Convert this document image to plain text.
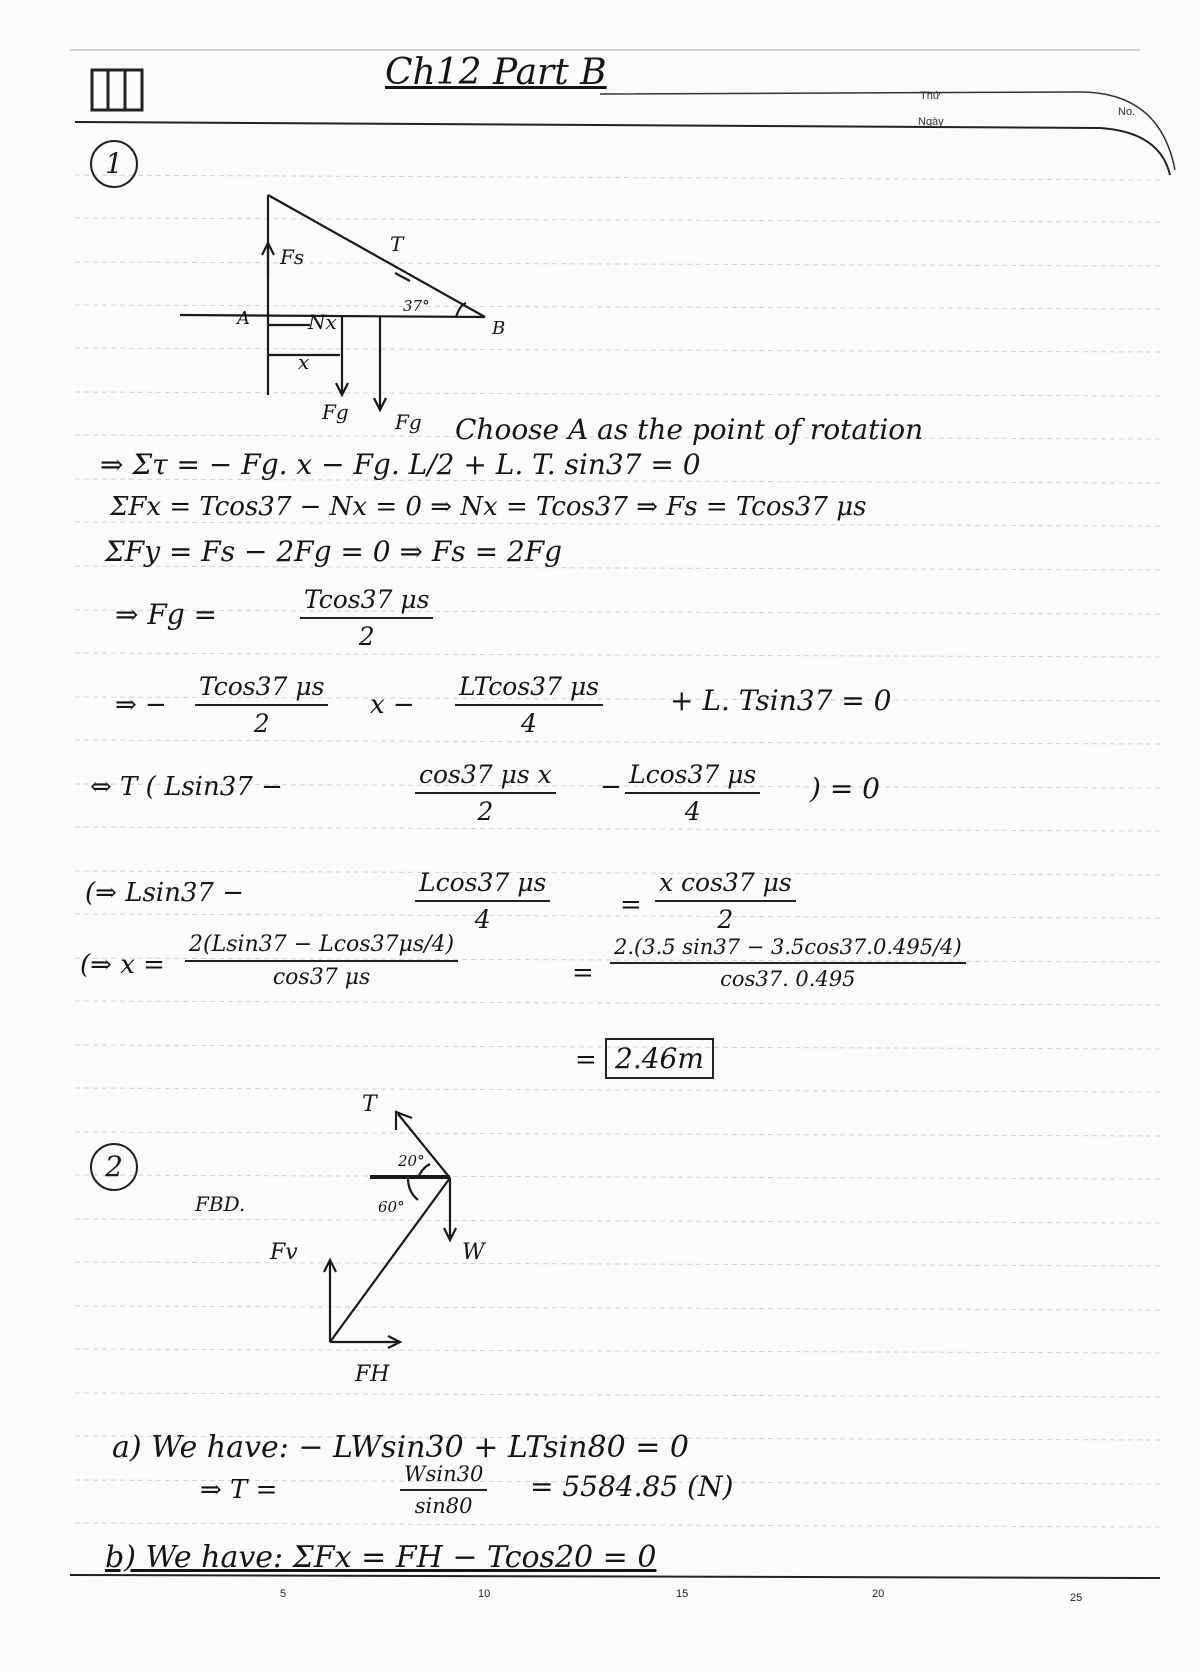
Ch12 Part B
Thứ
Ngày
No.
1
Fs
T
37°
A	B
Nx
x
Fg Fg Choose A as the point of rotation
⇒ Στ = − Fg. x − Fg. L/2 + L. T. sin37 = 0
ΣFx = Tcos37 − Nx = 0 ⇒ Nx = Tcos37 ⇒ Fs = Tcos37 μs
ΣFy = Fs − 2Fg = 0 ⇒ Fs = 2Fg
⇒ Fg =	$\frac{Tcos37 \mu s}{2}$
⇒ − $\frac{Tcos37 \mu s}{2}$ $x - \frac{LTcos37 \mu s}{4} + L$. Tsin37 = 0
⇔ T ( Lsin37 −	$\frac{\text{cos37 μs x}}{2} - \frac{Lcos37 \mu s}{4}$ ) = 0
(⇒ Lsin37 −	$\frac{Lcos37 \mu s}{4}$	= $\frac{\text{x cos37 μs}}{2}$
(⇒ $x = \frac{2(Lsin37 - Lcos37\mu s/4)}{\cos 37 \mu s}$	= $\frac{2.(3.5 \sin 37 - 3.5\cos 37.0.495/4)}{\cos 37. 0.495}$
= 2.46m
2
FBD.
T
20°
60°
W
Fv
FH
a) We have: − LWsin30 + LTsin80 = 0
⇒ T =	$\frac{Wsin30}{\sin 80} = 5584.85$ (N)
b) We have: ΣFx = FH − Tcos20 = 0
5	10	15	20	25
